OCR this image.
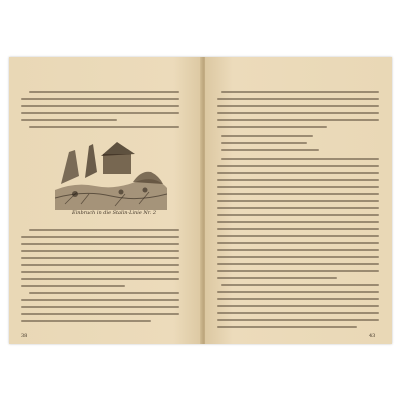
Einbruch in die Stalin-Linie Nr. 2
38	43
